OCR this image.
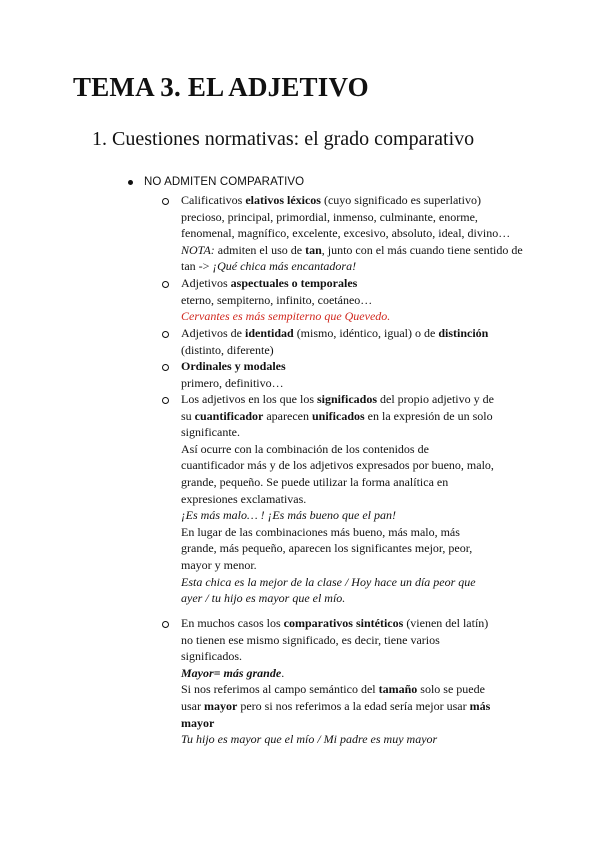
TEMA 3. EL ADJETIVO
1. Cuestiones normativas: el grado comparativo
NO ADMITEN COMPARATIVO
Calificativos elativos léxicos (cuyo significado es superlativo)
precioso, principal, primordial, inmenso, culminante, enorme,
fenomenal, magnífico, excelente, excesivo, absoluto, ideal, divino…
NOTA: admiten el uso de tan, junto con el más cuando tiene sentido de
tan -> ¡Qué chica más encantadora!
Adjetivos aspectuales o temporales
eterno, sempiterno, infinito, coetáneo…
Cervantes es más sempiterno que Quevedo.
Adjetivos de identidad (mismo, idéntico, igual) o de distinción
(distinto, diferente)
Ordinales y modales
primero, definitivo…
Los adjetivos en los que los significados del propio adjetivo y de
su cuantificador aparecen unificados en la expresión de un solo
significante.
Así ocurre con la combinación de los contenidos de
cuantificador más y de los adjetivos expresados por bueno, malo,
grande, pequeño. Se puede utilizar la forma analítica en
expresiones exclamativas.
¡Es más malo… ! ¡Es más bueno que el pan!
En lugar de las combinaciones más bueno, más malo, más
grande, más pequeño, aparecen los significantes mejor, peor,
mayor y menor.
Esta chica es la mejor de la clase / Hoy hace un día peor que
ayer / tu hijo es mayor que el mío.
En muchos casos los comparativos sintéticos (vienen del latín)
no tienen ese mismo significado, es decir, tiene varios
significados.
Mayor= más grande.
Si nos referimos al campo semántico del tamaño solo se puede
usar mayor pero si nos referimos a la edad sería mejor usar más
mayor
Tu hijo es mayor que el mío / Mi padre es muy mayor
